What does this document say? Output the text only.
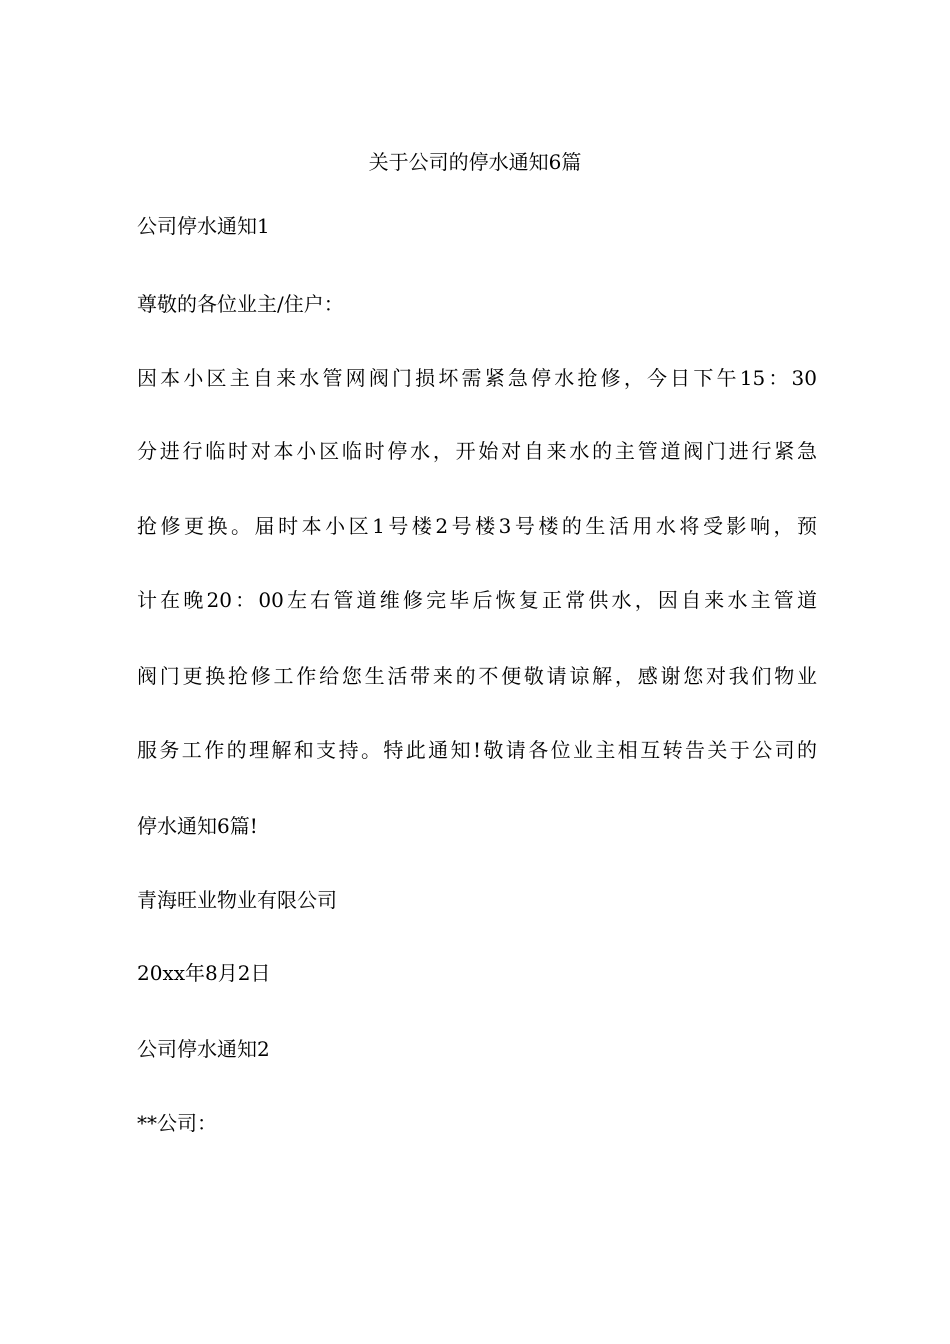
关于公司的停水通知6篇
公司停水通知1
尊敬的各位业主/住户：
因本小区主自来水管网阀门损坏需紧急停水抢修，今日下午15：30
分进行临时对本小区临时停水，开始对自来水的主管道阀门进行紧急
抢修更换。届时本小区1号楼2号楼3号楼的生活用水将受影响，预
计在晚20：00左右管道维修完毕后恢复正常供水，因自来水主管道
阀门更换抢修工作给您生活带来的不便敬请谅解，感谢您对我们物业
服务工作的理解和支持。特此通知!敬请各位业主相互转告关于公司的
停水通知6篇!
青海旺业物业有限公司
20xx年8月2日
公司停水通知2
**公司：
